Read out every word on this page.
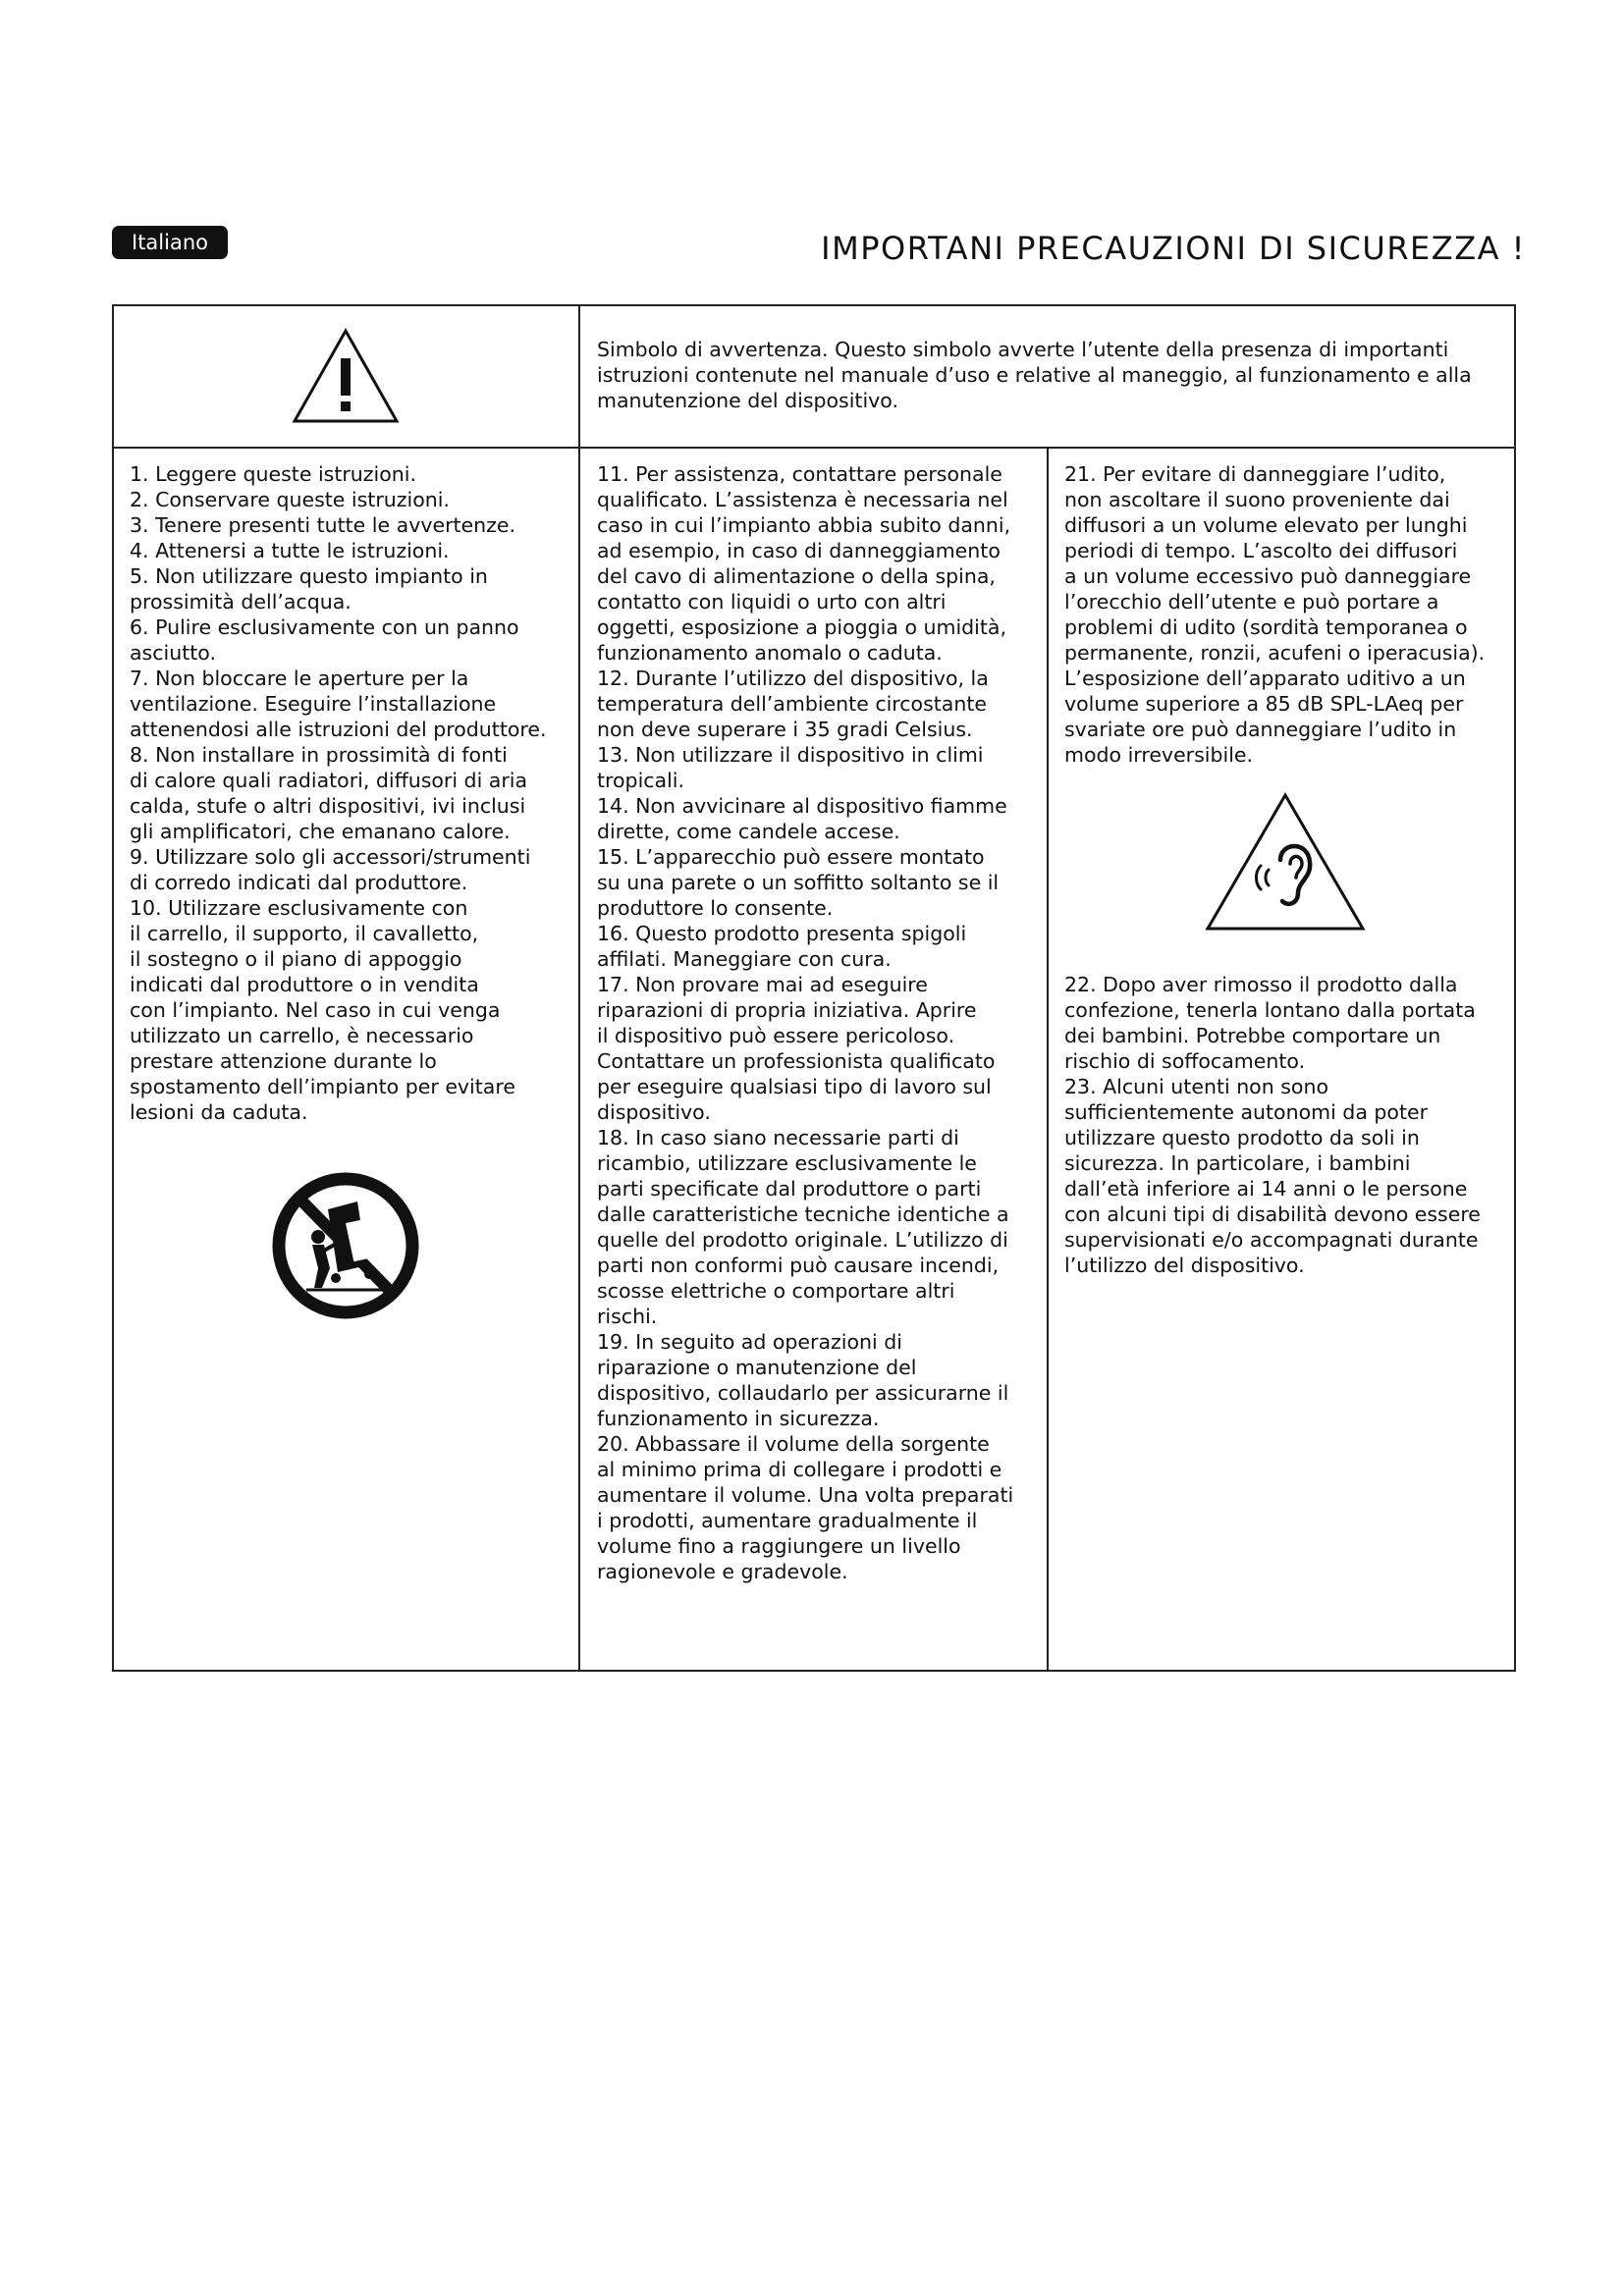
Italiano	IMPORTANI PRECAUZIONI DI SICUREZZA !

Simbolo di avvertenza. Questo simbolo avverte l’utente della presenza di importanti
istruzioni contenute nel manuale d’uso e relative al maneggio, al funzionamento e alla
manutenzione del dispositivo.

1. Leggere queste istruzioni.
2. Conservare queste istruzioni.
3. Tenere presenti tutte le avvertenze.
4. Attenersi a tutte le istruzioni.
5. Non utilizzare questo impianto in
prossimità dell’acqua.
6. Pulire esclusivamente con un panno
asciutto.
7. Non bloccare le aperture per la
ventilazione. Eseguire l’installazione
attenendosi alle istruzioni del produttore.
8. Non installare in prossimità di fonti
di calore quali radiatori, diffusori di aria
calda, stufe o altri dispositivi, ivi inclusi
gli amplificatori, che emanano calore.
9. Utilizzare solo gli accessori/strumenti
di corredo indicati dal produttore.
10. Utilizzare esclusivamente con
il carrello, il supporto, il cavalletto,
il sostegno o il piano di appoggio
indicati dal produttore o in vendita
con l’impianto. Nel caso in cui venga
utilizzato un carrello, è necessario
prestare attenzione durante lo
spostamento dell’impianto per evitare
lesioni da caduta.

11. Per assistenza, contattare personale
qualificato. L’assistenza è necessaria nel
caso in cui l’impianto abbia subito danni,
ad esempio, in caso di danneggiamento
del cavo di alimentazione o della spina,
contatto con liquidi o urto con altri
oggetti, esposizione a pioggia o umidità,
funzionamento anomalo o caduta.
12. Durante l’utilizzo del dispositivo, la
temperatura dell’ambiente circostante
non deve superare i 35 gradi Celsius.
13. Non utilizzare il dispositivo in climi
tropicali.
14. Non avvicinare al dispositivo fiamme
dirette, come candele accese.
15. L’apparecchio può essere montato
su una parete o un soffitto soltanto se il
produttore lo consente.
16. Questo prodotto presenta spigoli
affilati. Maneggiare con cura.
17. Non provare mai ad eseguire
riparazioni di propria iniziativa. Aprire
il dispositivo può essere pericoloso.
Contattare un professionista qualificato
per eseguire qualsiasi tipo di lavoro sul
dispositivo.
18. In caso siano necessarie parti di
ricambio, utilizzare esclusivamente le
parti specificate dal produttore o parti
dalle caratteristiche tecniche identiche a
quelle del prodotto originale. L’utilizzo di
parti non conformi può causare incendi,
scosse elettriche o comportare altri
rischi.
19. In seguito ad operazioni di
riparazione o manutenzione del
dispositivo, collaudarlo per assicurarne il
funzionamento in sicurezza.
20. Abbassare il volume della sorgente
al minimo prima di collegare i prodotti e
aumentare il volume. Una volta preparati
i prodotti, aumentare gradualmente il
volume fino a raggiungere un livello
ragionevole e gradevole.

21. Per evitare di danneggiare l’udito,
non ascoltare il suono proveniente dai
diffusori a un volume elevato per lunghi
periodi di tempo. L’ascolto dei diffusori
a un volume eccessivo può danneggiare
l’orecchio dell’utente e può portare a
problemi di udito (sordità temporanea o
permanente, ronzii, acufeni o iperacusia).
L’esposizione dell’apparato uditivo a un
volume superiore a 85 dB SPL-LAeq per
svariate ore può danneggiare l’udito in
modo irreversibile.

22. Dopo aver rimosso il prodotto dalla
confezione, tenerla lontano dalla portata
dei bambini. Potrebbe comportare un
rischio di soffocamento.
23. Alcuni utenti non sono
sufficientemente autonomi da poter
utilizzare questo prodotto da soli in
sicurezza. In particolare, i bambini
dall’età inferiore ai 14 anni o le persone
con alcuni tipi di disabilità devono essere
supervisionati e/o accompagnati durante
l’utilizzo del dispositivo.
